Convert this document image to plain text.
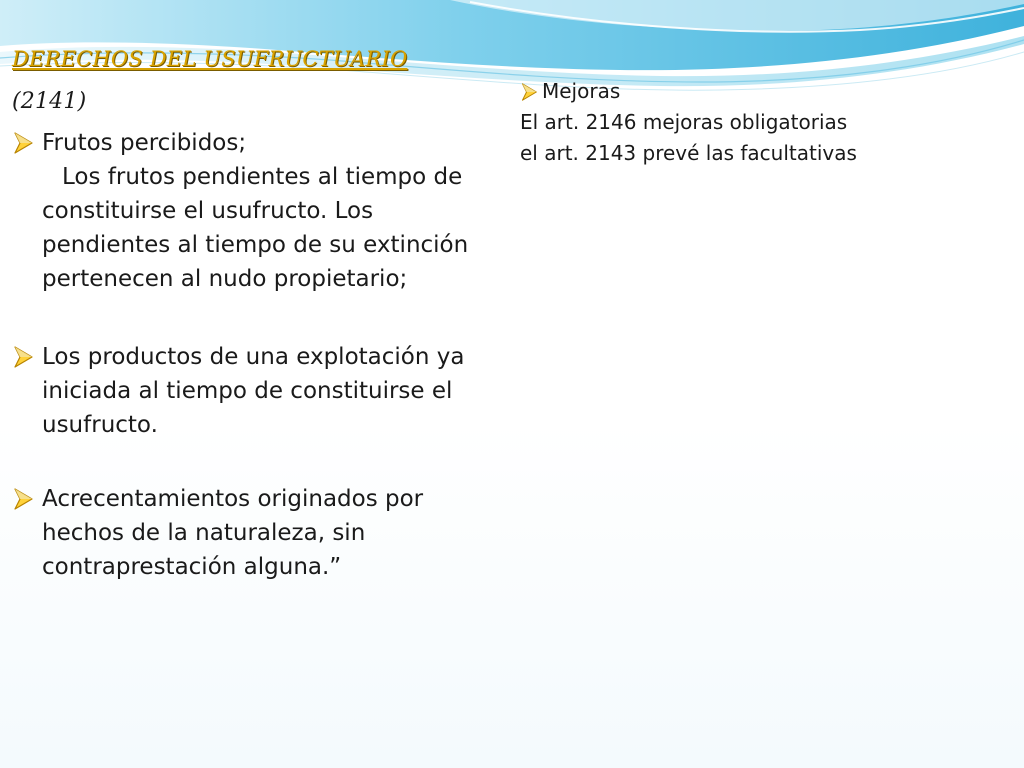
DERECHOS DEL USUFRUCTUARIO
(2141)
Frutos percibidos;

Los frutos pendientes al tiempo de constituirse el usufructo. Los pendientes al tiempo de su extinción pertenecen al nudo propietario;

Los productos de una explotación ya iniciada al tiempo de constituirse el usufructo.
Acrecentamientos originados por hechos de la naturaleza, sin contraprestación alguna.”
Mejoras

El art. 2146 mejoras obligatorias

el art. 2143 prevé las facultativas
